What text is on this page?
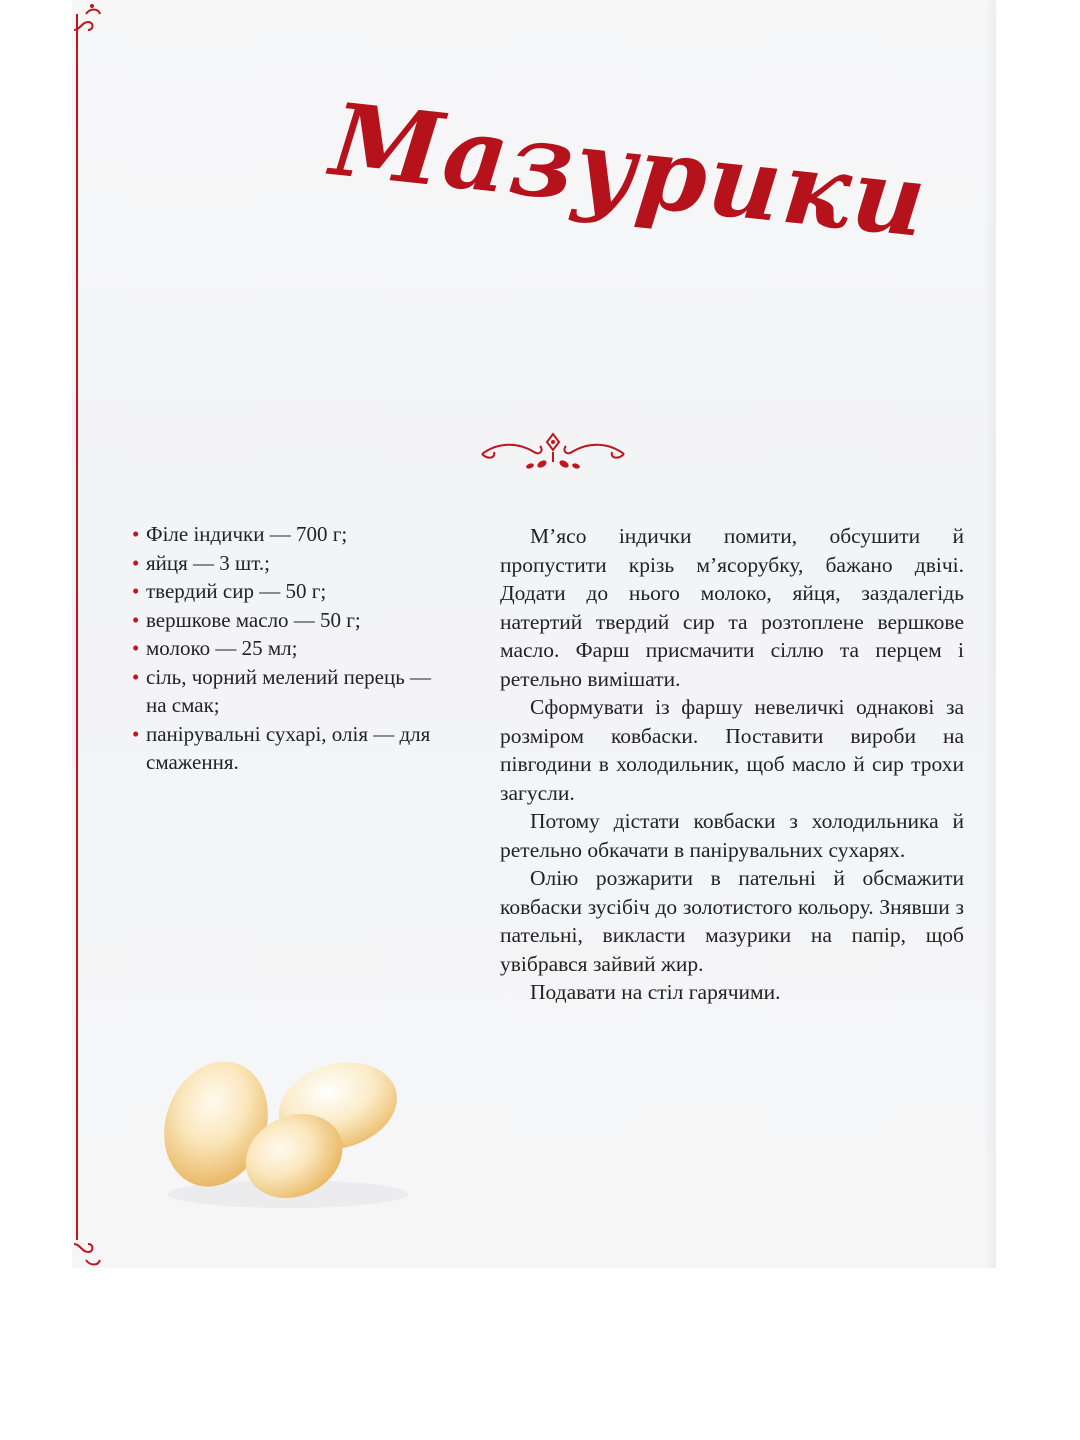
Мазурики
• Філе індички — 700 г;
• яйця — 3 шт.;
• твердий сир — 50 г;
• вершкове масло — 50 г;
• молоко — 25 мл;
• сіль, чорний мелений перець — на смак;
• панірувальні сухарі, олія — для смаження.

М’ясо індички помити, обсушити й пропустити крізь м’ясорубку, бажано двічі. Додати до нього молоко, яйця, заздалегідь натертий твердий сир та розтоплене вершкове масло. Фарш присмачити сіллю та перцем і ретельно вимішати.

Сформувати із фаршу невеличкі однакові за розміром ковбаски. Поставити вироби на півгодини в холодильник, щоб масло й сир трохи загусли.

Потому дістати ковбаски з холодильника й ретельно обкачати в панірувальних сухарях.

Олію розжарити в пательні й обсмажити ковбаски зусібіч до золотистого кольору. Знявши з пательні, викласти мазурики на папір, щоб увібрався зайвий жир.

Подавати на стіл гарячими.
